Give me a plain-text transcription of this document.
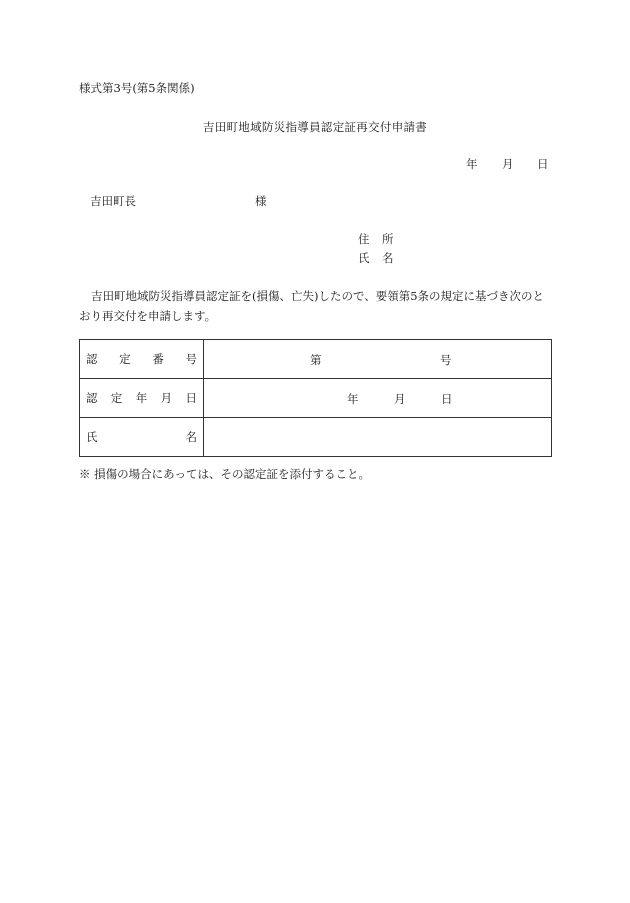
様式第3号(第5条関係)
吉田町地域防災指導員認定証再交付申請書
年 月 日
吉田町長	様
住 所
氏 名
吉田町地域防災指導員認定証を(損傷、亡失)したので、要領第5条の規定に基づき次のとおり再交付を申請します。
認 定 番 号	第 号

認 定 年 月 日	年 月 日

氏 名	

※ 損傷の場合にあっては、その認定証を添付すること。
